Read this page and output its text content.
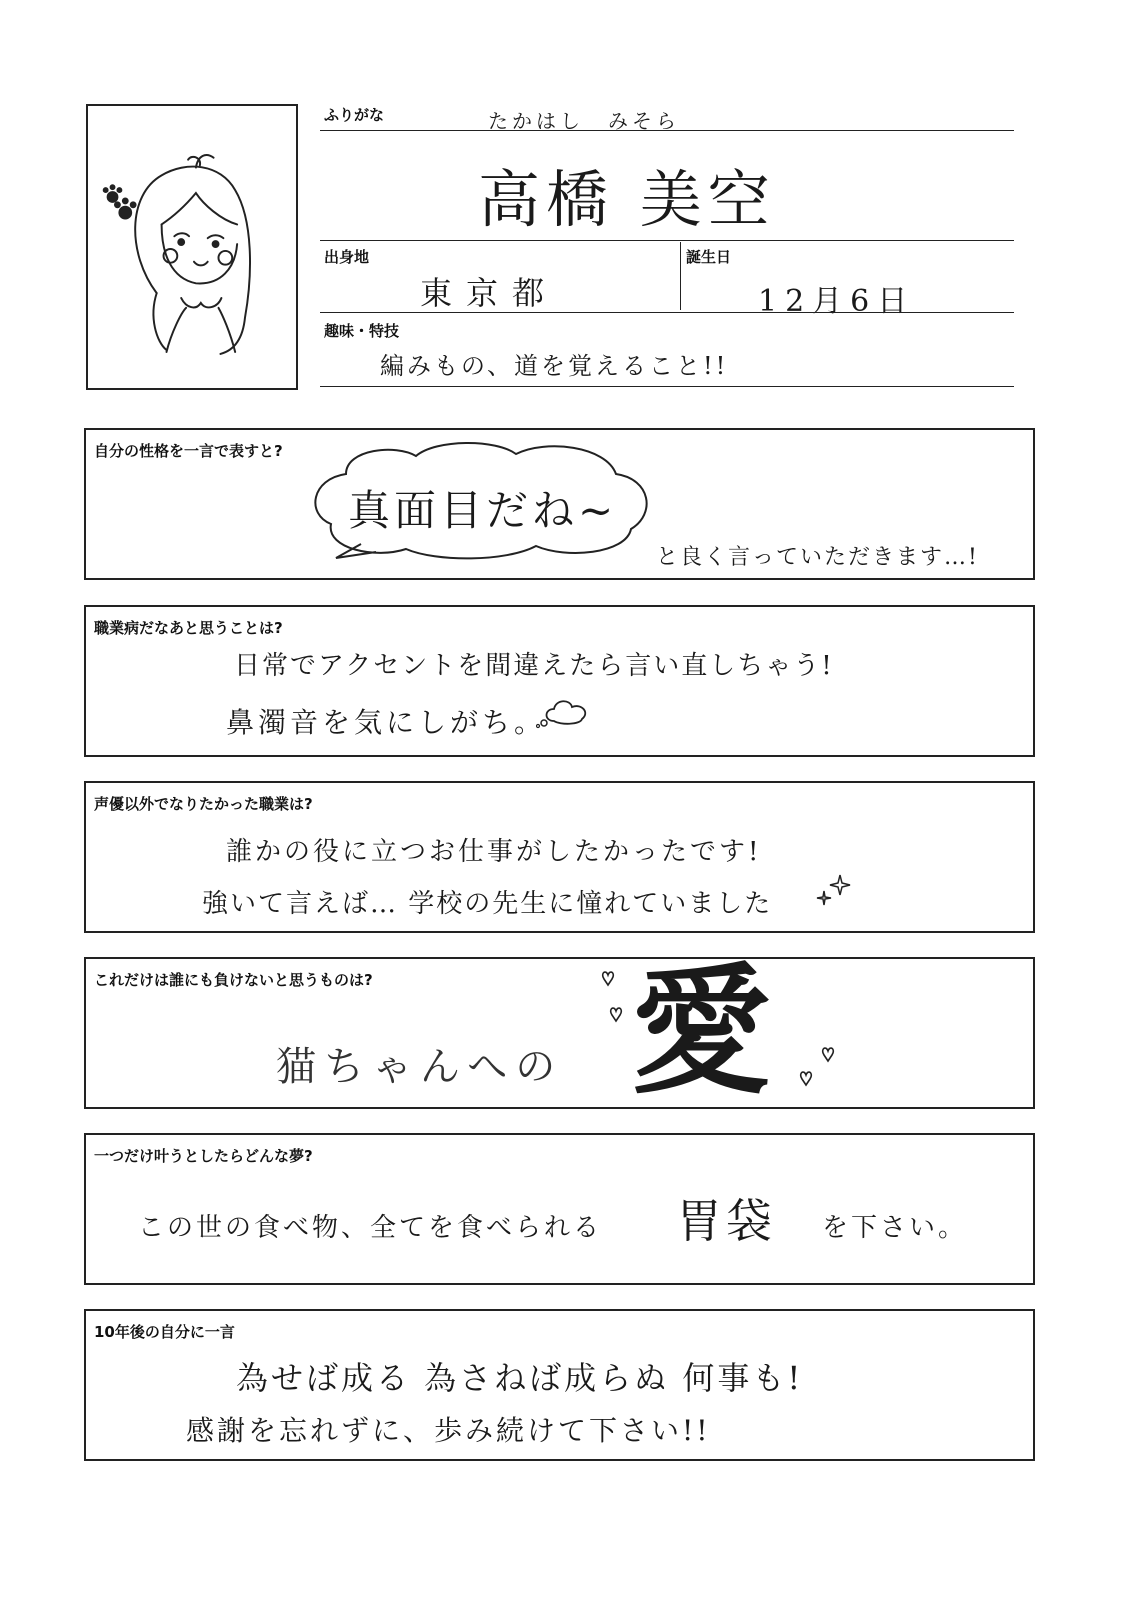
ふりがな	たかはし　みそら
高橋 美空
出身地
東京都
誕生日
12月6日
趣味・特技
編みもの、道を覚えること!!
自分の性格を一言で表すと?
真面目だね~
と良く言っていただきます…!
職業病だなあと思うことは?
日常でアクセントを間違えたら言い直しちゃう!
鼻濁音を気にしがち。
声優以外でなりたかった職業は?
誰かの役に立つお仕事がしたかったです!
強いて言えば… 学校の先生に憧れていました
これだけは誰にも負けないと思うものは?
猫ちゃんへの 愛
一つだけ叶うとしたらどんな夢?
この世の食べ物、全てを食べられる 胃袋 を下さい。
10年後の自分に一言
為せば成る 為さねば成らぬ 何事も!
感謝を忘れずに、歩み続けて下さい!!
